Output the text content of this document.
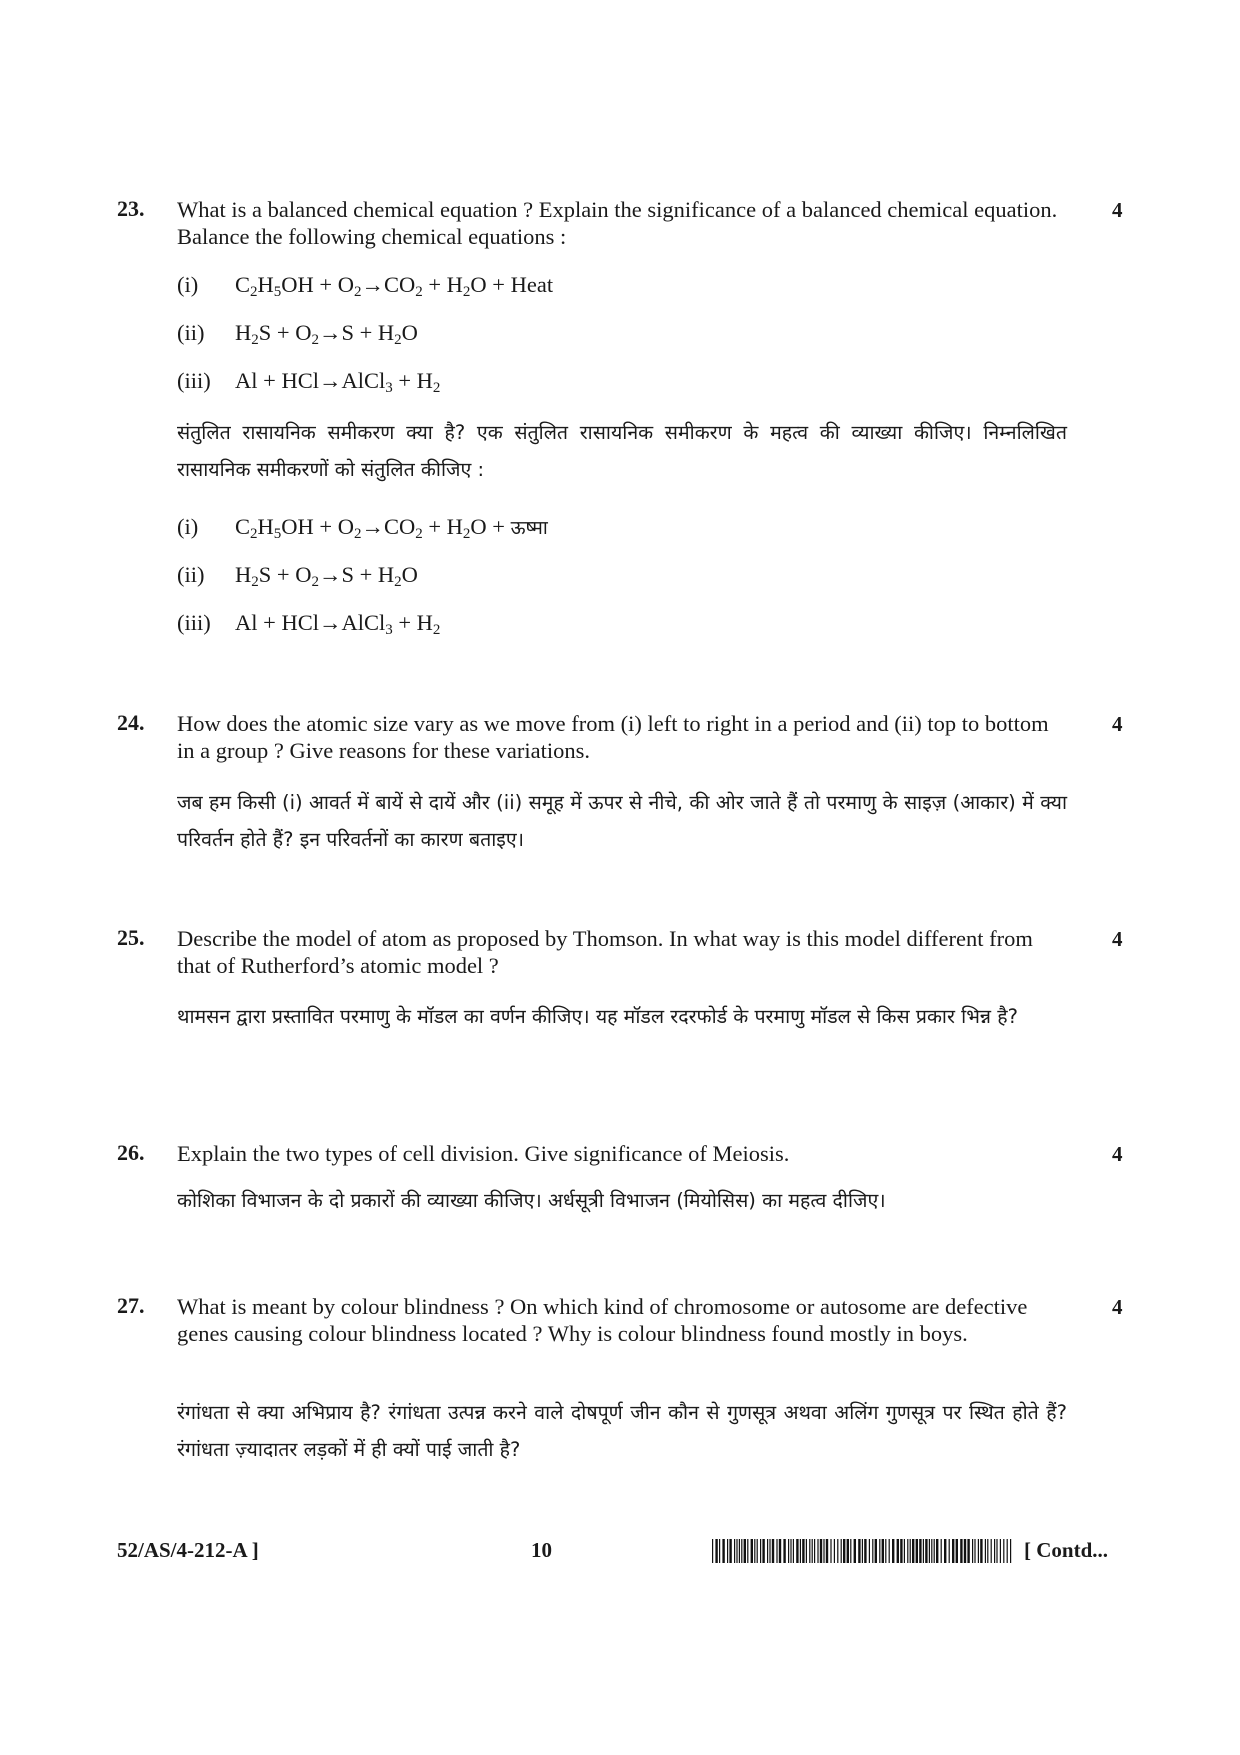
23.	4
What is a balanced chemical equation ? Explain the significance of a balanced chemical equation. Balance the following chemical equations :
(i) $C_2H_5OH + O_2\to CO_2 + H_2O$ + Heat
(ii) $H_2S + O_2\to S + H_2O$
(iii) Al + HCl→AlCl$_3$ + $H_2$
संतुलित रासायनिक समीकरण क्या है? एक संतुलित रासायनिक समीकरण के महत्व की व्याख्या कीजिए। निम्नलिखित रासायनिक समीकरणों को संतुलित कीजिए :
(i) $C_2H_5OH + O_2\to CO_2 + H_2O$ + ऊष्मा
(ii) $H_2S + O_2\to S + H_2O$
(iii) Al + HCl→AlCl$_3$ + $H_2$
24.	4
How does the atomic size vary as we move from (i) left to right in a period and (ii) top to bottom in a group ? Give reasons for these variations.
जब हम किसी (i) आवर्त में बायें से दायें और (ii) समूह में ऊपर से नीचे, की ओर जाते हैं तो परमाणु के साइज़ (आकार) में क्या परिवर्तन होते हैं? इन परिवर्तनों का कारण बताइए।
25.	4
Describe the model of atom as proposed by Thomson. In what way is this model different from that of Rutherford’s atomic model ?
थामसन द्वारा प्रस्तावित परमाणु के मॉडल का वर्णन कीजिए। यह मॉडल रदरफोर्ड के परमाणु मॉडल से किस प्रकार भिन्न है?
26.	4
Explain the two types of cell division. Give significance of Meiosis.
कोशिका विभाजन के दो प्रकारों की व्याख्या कीजिए। अर्धसूत्री विभाजन (मियोसिस) का महत्व दीजिए।
27.	4
What is meant by colour blindness ? On which kind of chromosome or autosome are defective genes causing colour blindness located ? Why is colour blindness found mostly in boys.
रंगांधता से क्या अभिप्राय है? रंगांधता उत्पन्न करने वाले दोषपूर्ण जीन कौन से गुणसूत्र अथवा अलिंग गुणसूत्र पर स्थित होते हैं? रंगांधता ज़्यादातर लड़कों में ही क्यों पाई जाती है?
52/AS/4-212-A ]	10	[ Contd...
